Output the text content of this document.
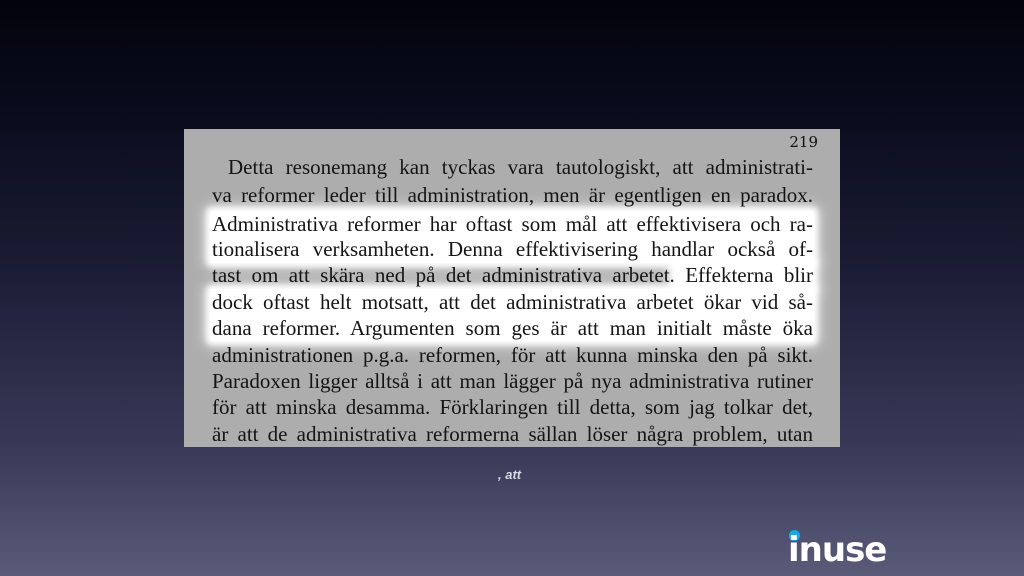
219
Detta resonemang kan tyckas vara tautologiskt, att administrati-
va reformer leder till administration, men är egentligen en paradox.
Administrativa reformer har oftast som mål att effektivisera och ra-
tionalisera verksamheten. Denna effektivisering handlar också of-
tast om att skära ned på det administrativa arbetet. Effekterna blir
dock oftast helt motsatt, att det administrativa arbetet ökar vid så-
dana reformer. Argumenten som ges är att man initialt måste öka
administrationen p.g.a. reformen, för att kunna minska den på sikt.
Paradoxen ligger alltså i att man lägger på nya administrativa rutiner
för att minska desamma. Förklaringen till detta, som jag tolkar det,
är att de administrativa reformerna sällan löser några problem, utan
, att
inuse
